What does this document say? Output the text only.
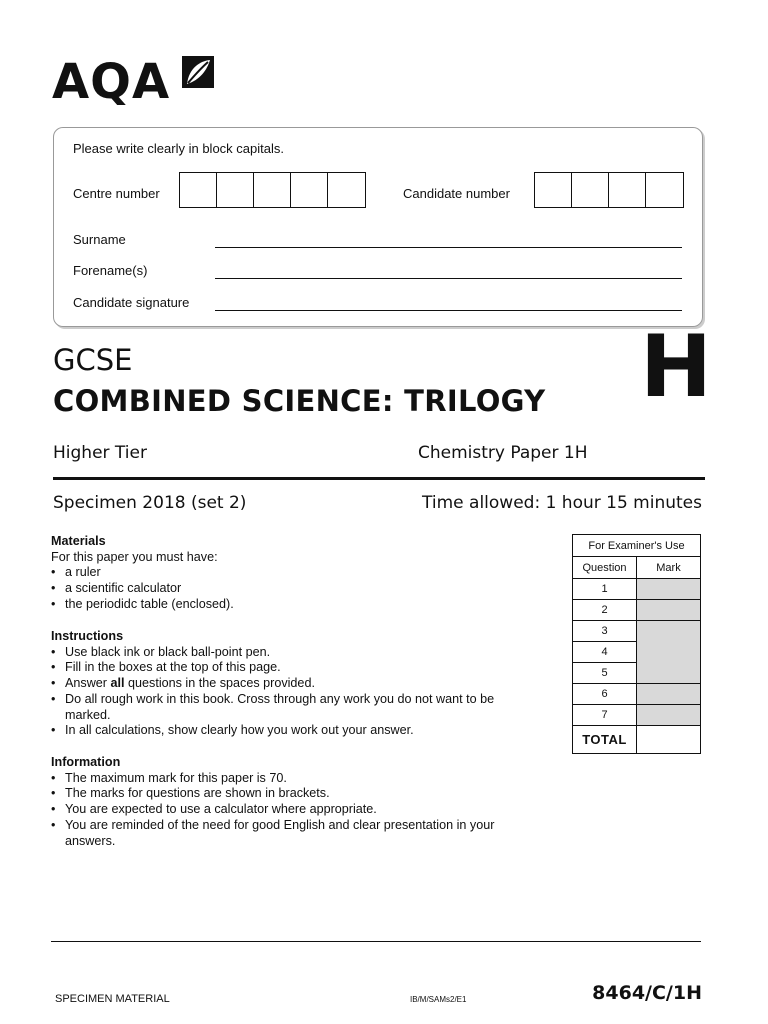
AQA
Please write clearly in block capitals.
Centre number	Candidate number
Surname
Forename(s)
Candidate signature
GCSE
COMBINED SCIENCE: TRILOGY H
Higher Tier	Chemistry Paper 1H
Specimen 2018 (set 2)	Time allowed: 1 hour 15 minutes
Materials
For this paper you must have:
• a ruler
• a scientific calculator
• the periodidc table (enclosed).
Instructions
• Use black ink or black ball-point pen.
• Fill in the boxes at the top of this page.
• Answer all questions in the spaces provided.
• Do all rough work in this book. Cross through any work you do not want to be marked.
• In all calculations, show clearly how you work out your answer.
Information
• The maximum mark for this paper is 70.
• The marks for questions are shown in brackets.
• You are expected to use a calculator where appropriate.
• You are reminded of the need for good English and clear presentation in your answers.
For Examiner's Use	
Question	Mark
1	
2	
3	
4	
5	
6	
7	
TOTAL	
SPECIMEN MATERIAL	IB/M/SAMs2/E1	8464/C/1H
